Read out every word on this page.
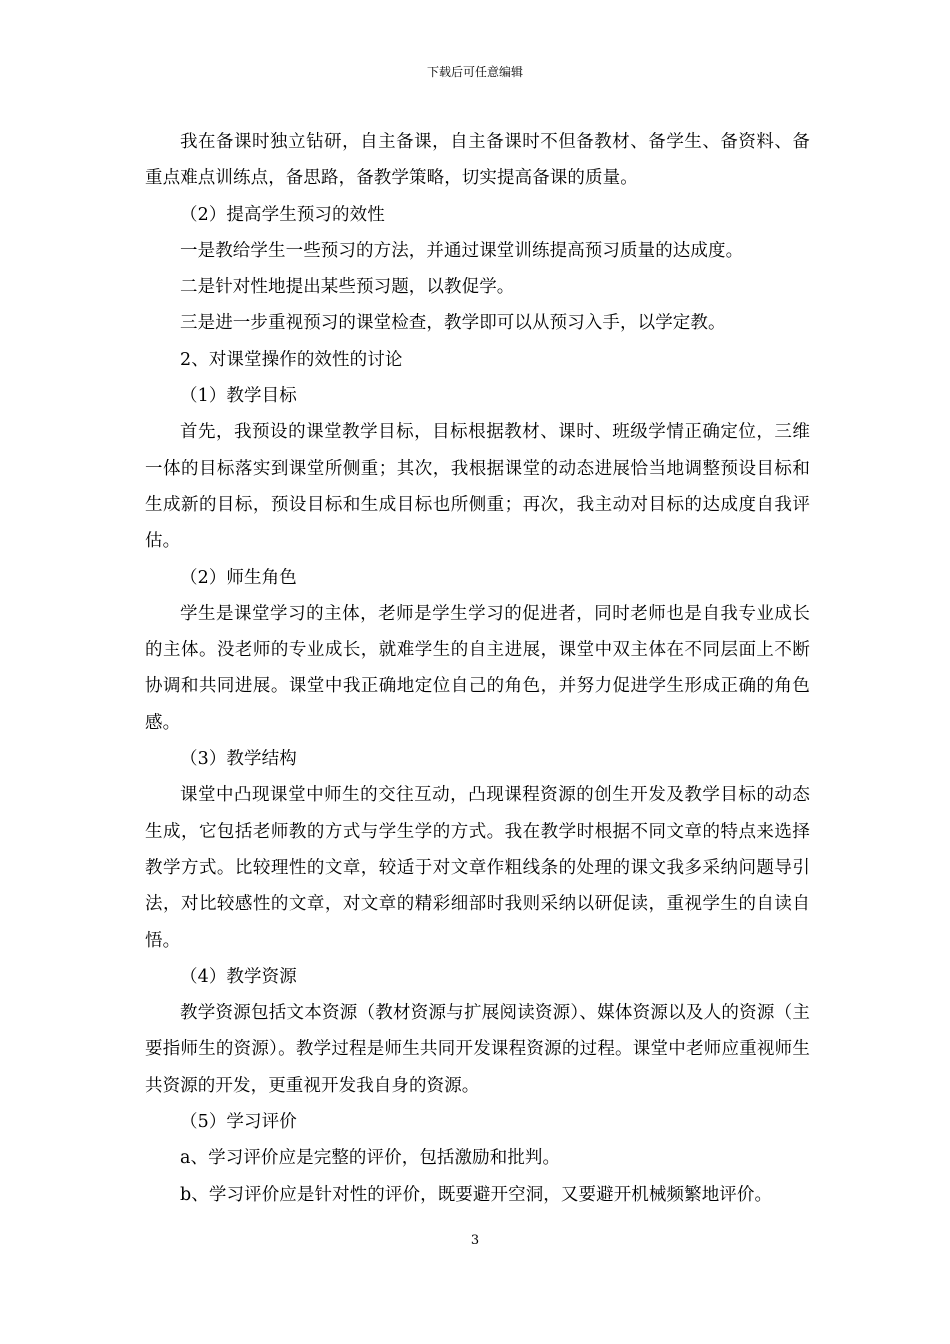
下载后可任意编辑

我在备课时独立钻研，自主备课，自主备课时不但备教材、备学生、备资料、备重点难点训练点，备思路，备教学策略，切实提高备课的质量。

（2）提高学生预习的效性

一是教给学生一些预习的方法，并通过课堂训练提高预习质量的达成度。

二是针对性地提出某些预习题，以教促学。

三是进一步重视预习的课堂检查，教学即可以从预习入手，以学定教。

2、对课堂操作的效性的讨论

（1）教学目标

首先，我预设的课堂教学目标，目标根据教材、课时、班级学情正确定位，三维一体的目标落实到课堂所侧重；其次，我根据课堂的动态进展恰当地调整预设目标和生成新的目标，预设目标和生成目标也所侧重；再次，我主动对目标的达成度自我评估。

（2）师生角色

学生是课堂学习的主体，老师是学生学习的促进者，同时老师也是自我专业成长的主体。没老师的专业成长，就难学生的自主进展，课堂中双主体在不同层面上不断协调和共同进展。课堂中我正确地定位自己的角色，并努力促进学生形成正确的角色感。

（3）教学结构

课堂中凸现课堂中师生的交往互动，凸现课程资源的创生开发及教学目标的动态生成，它包括老师教的方式与学生学的方式。我在教学时根据不同文章的特点来选择教学方式。比较理性的文章，较适于对文章作粗线条的处理的课文我多采纳问题导引法，对比较感性的文章，对文章的精彩细部时我则采纳以研促读，重视学生的自读自悟。

（4）教学资源

教学资源包括文本资源（教材资源与扩展阅读资源）、媒体资源以及人的资源（主要指师生的资源）。教学过程是师生共同开发课程资源的过程。课堂中老师应重视师生共资源的开发，更重视开发我自身的资源。

（5）学习评价

a、学习评价应是完整的评价，包括激励和批判。

b、学习评价应是针对性的评价，既要避开空洞，又要避开机械频繁地评价。

3
